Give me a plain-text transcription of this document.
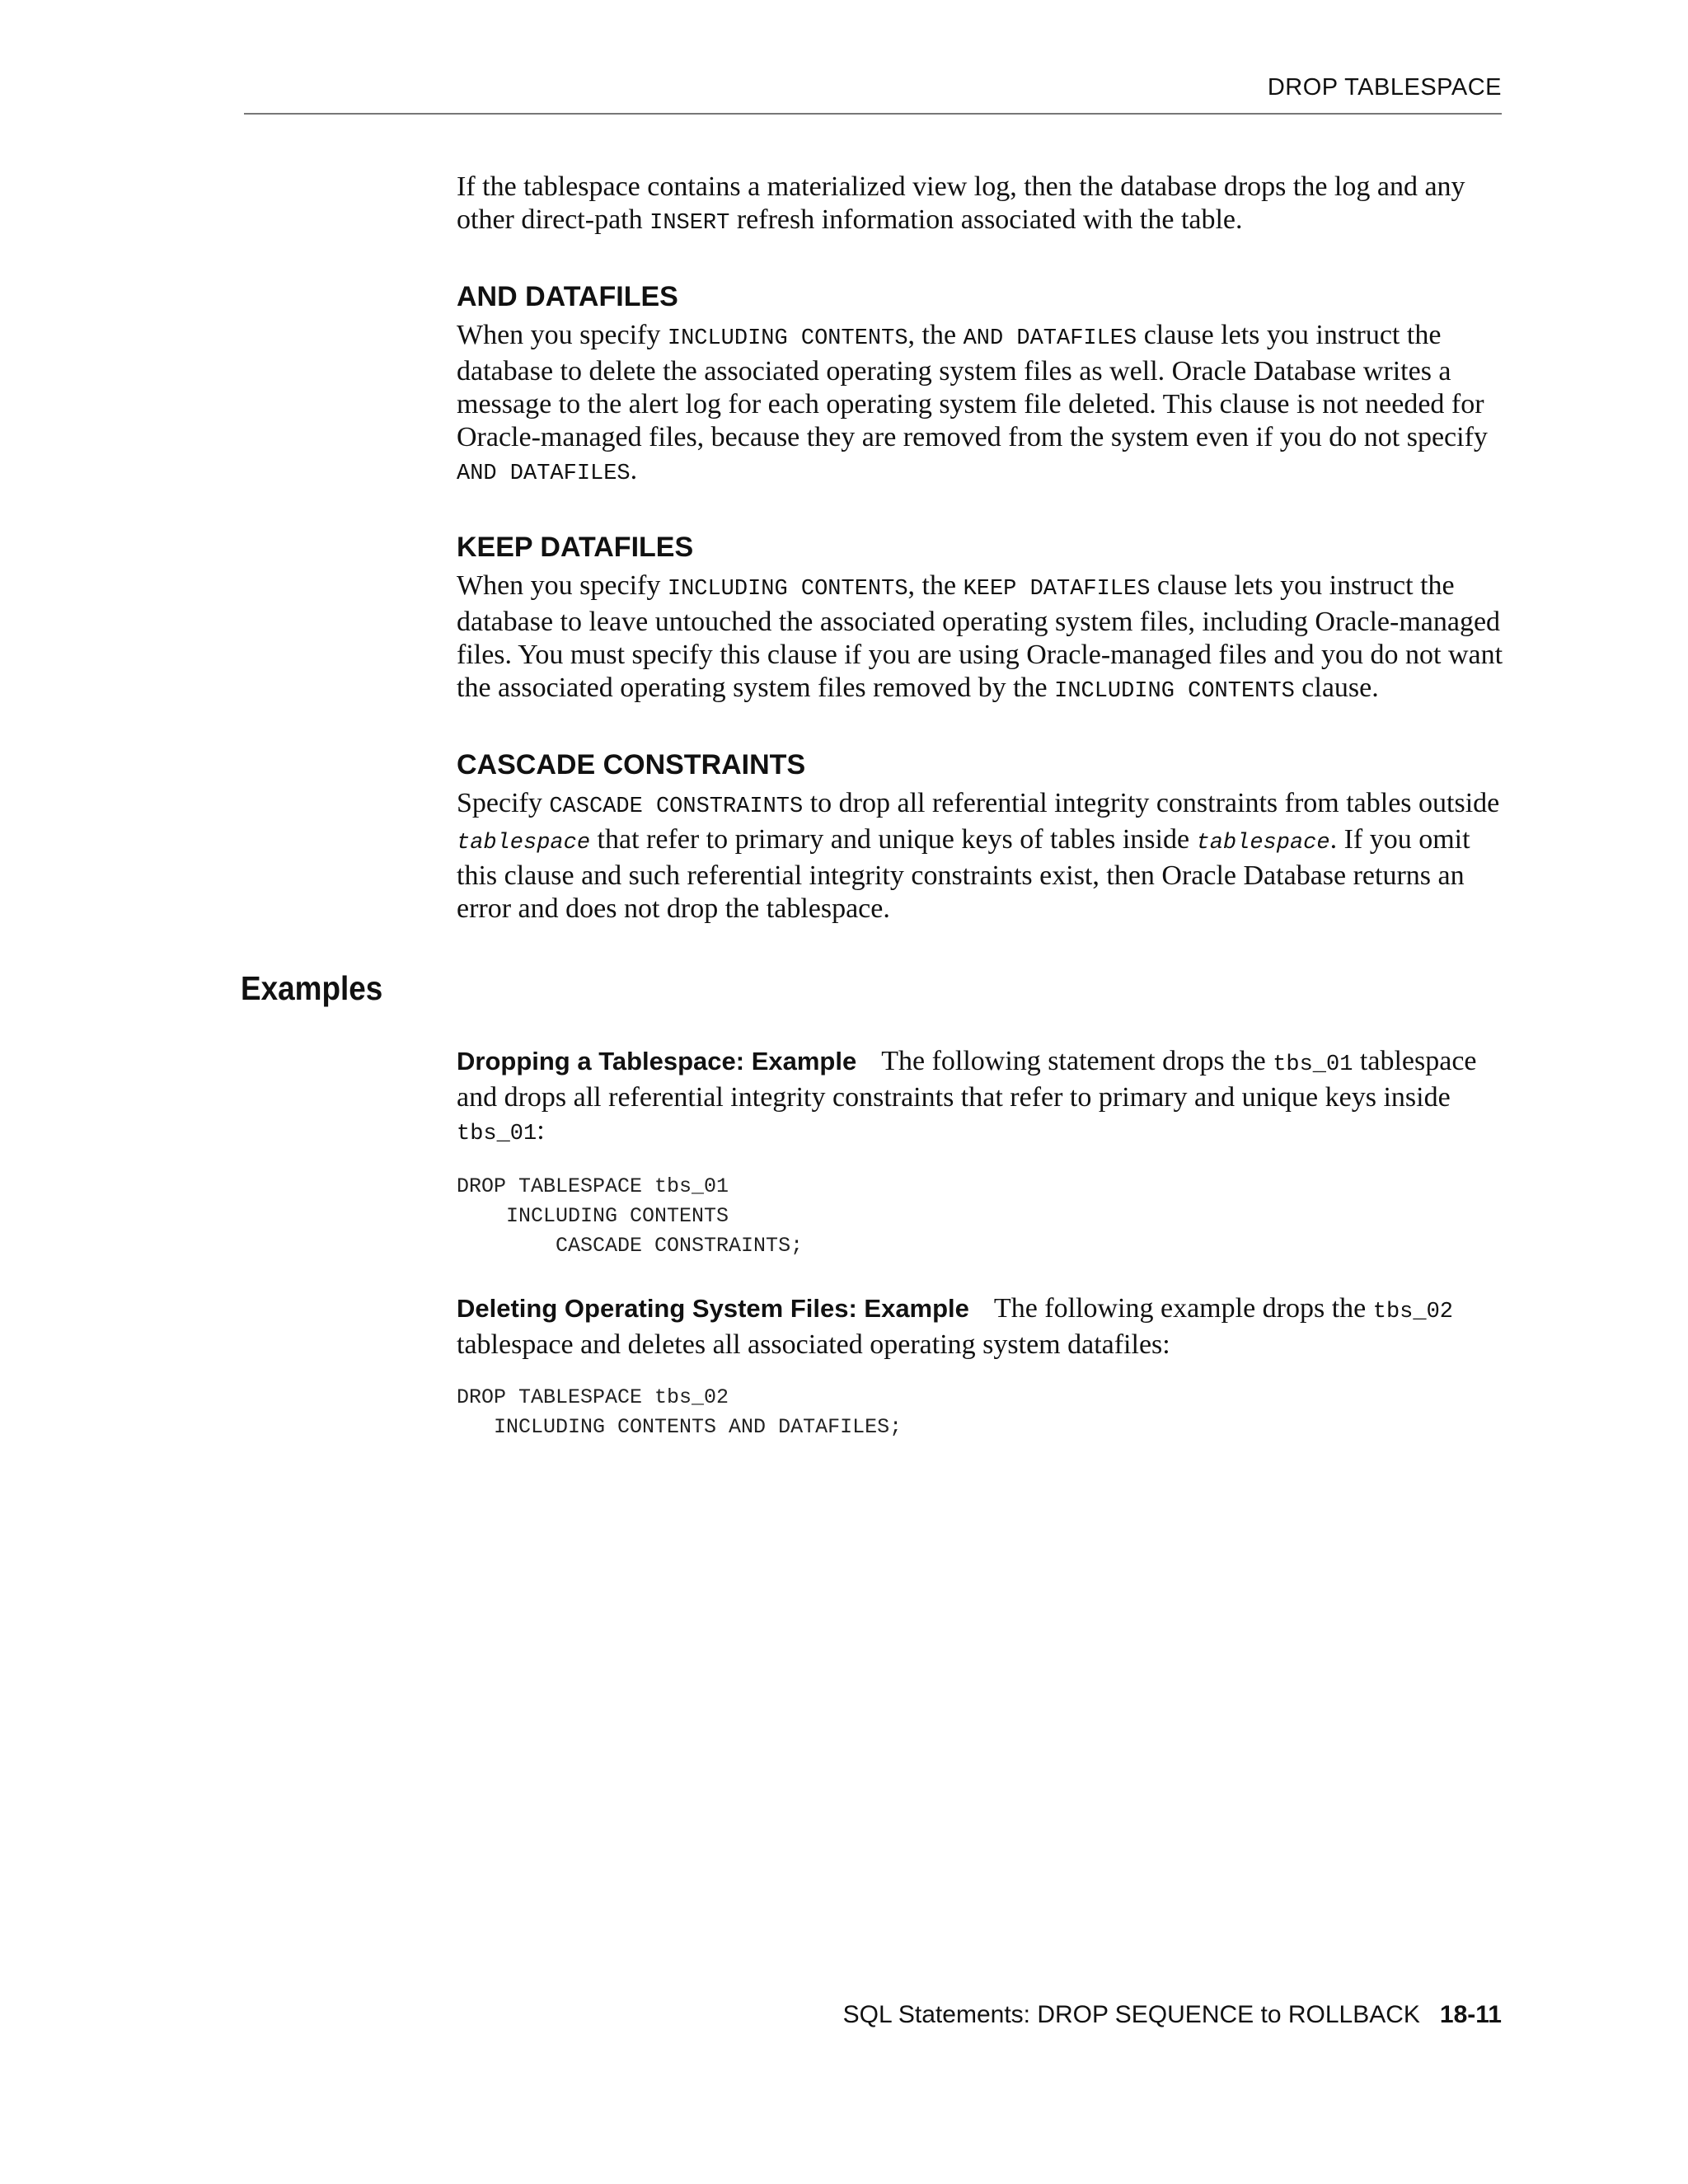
DROP TABLESPACE

If the tablespace contains a materialized view log, then the database drops the log and any other direct-path INSERT refresh information associated with the table.

AND DATAFILES

When you specify INCLUDING CONTENTS, the AND DATAFILES clause lets you instruct the database to delete the associated operating system files as well. Oracle Database writes a message to the alert log for each operating system file deleted. This clause is not needed for Oracle-managed files, because they are removed from the system even if you do not specify AND DATAFILES.

KEEP DATAFILES

When you specify INCLUDING CONTENTS, the KEEP DATAFILES clause lets you instruct the database to leave untouched the associated operating system files, including Oracle-managed files. You must specify this clause if you are using Oracle-managed files and you do not want the associated operating system files removed by the INCLUDING CONTENTS clause.

CASCADE CONSTRAINTS

Specify CASCADE CONSTRAINTS to drop all referential integrity constraints from tables outside tablespace that refer to primary and unique keys of tables inside tablespace. If you omit this clause and such referential integrity constraints exist, then Oracle Database returns an error and does not drop the tablespace.

Examples

Dropping a Tablespace: Example The following statement drops the tbs_01 tablespace and drops all referential integrity constraints that refer to primary and unique keys inside tbs_01:

DROP TABLESPACE tbs_01
INCLUDING CONTENTS
CASCADE CONSTRAINTS;

Deleting Operating System Files: Example The following example drops the tbs_02 tablespace and deletes all associated operating system datafiles:

DROP TABLESPACE tbs_02
INCLUDING CONTENTS AND DATAFILES;
SQL Statements: DROP SEQUENCE to ROLLBACK 18-11
